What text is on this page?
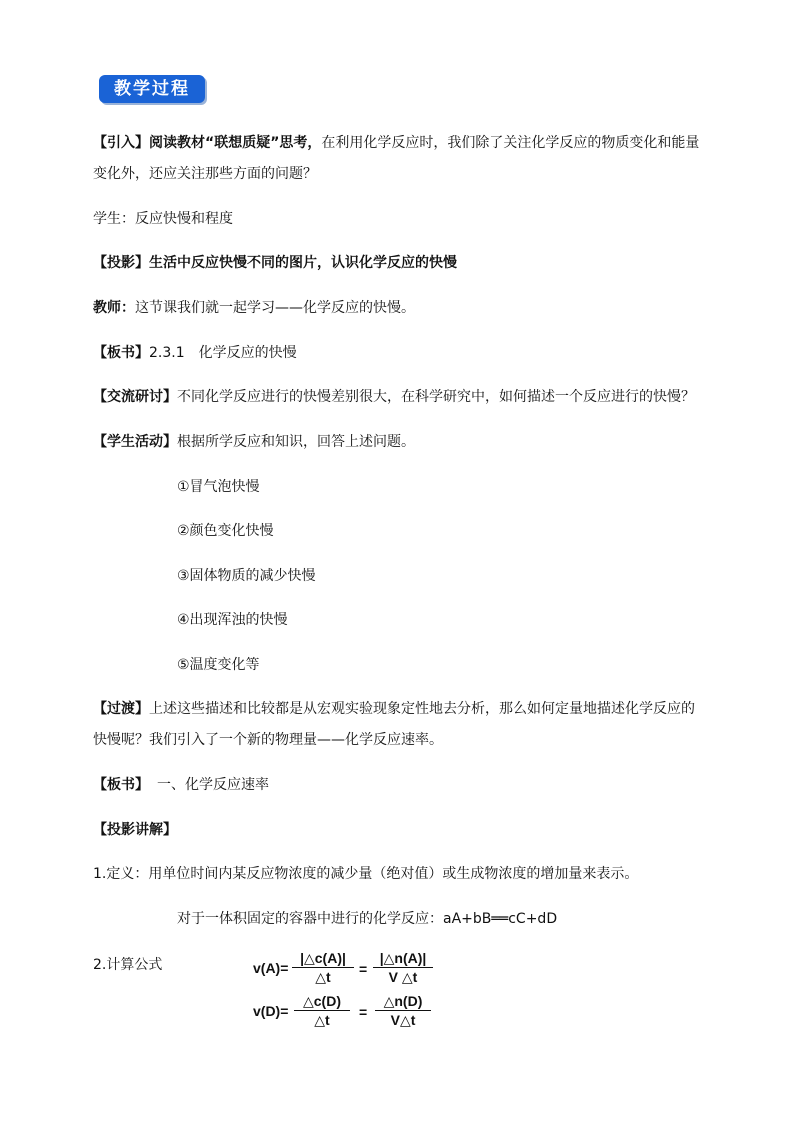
教学过程
【引入】阅读教材“联想质疑”思考，在利用化学反应时，我们除了关注化学反应的物质变化和能量变化外，还应关注那些方面的问题？
学生：反应快慢和程度
【投影】生活中反应快慢不同的图片，认识化学反应的快慢
教师：这节课我们就一起学习——化学反应的快慢。
【板书】2.3.1　化学反应的快慢
【交流研讨】不同化学反应进行的快慢差别很大，在科学研究中，如何描述一个反应进行的快慢？
【学生活动】根据所学反应和知识，回答上述问题。
①冒气泡快慢
②颜色变化快慢
③固体物质的减少快慢
④出现浑浊的快慢
⑤温度变化等
【过渡】上述这些描述和比较都是从宏观实验现象定性地去分析，那么如何定量地描述化学反应的快慢呢？我们引入了一个新的物理量——化学反应速率。
【板书】 一、化学反应速率
【投影讲解】
1.定义：用单位时间内某反应物浓度的减少量（绝对值）或生成物浓度的增加量来表示。
对于一体积固定的容器中进行的化学反应：aA+bB══cC+dD
2.计算公式	$v(A)= \frac{|\triangle c(A)|}{\triangle t} = \frac{|\triangle n(A)|}{V \triangle t}$
$v(D)= \frac{\triangle c(D)}{\triangle t} = \frac{\triangle n(D)}{V\triangle t}$
